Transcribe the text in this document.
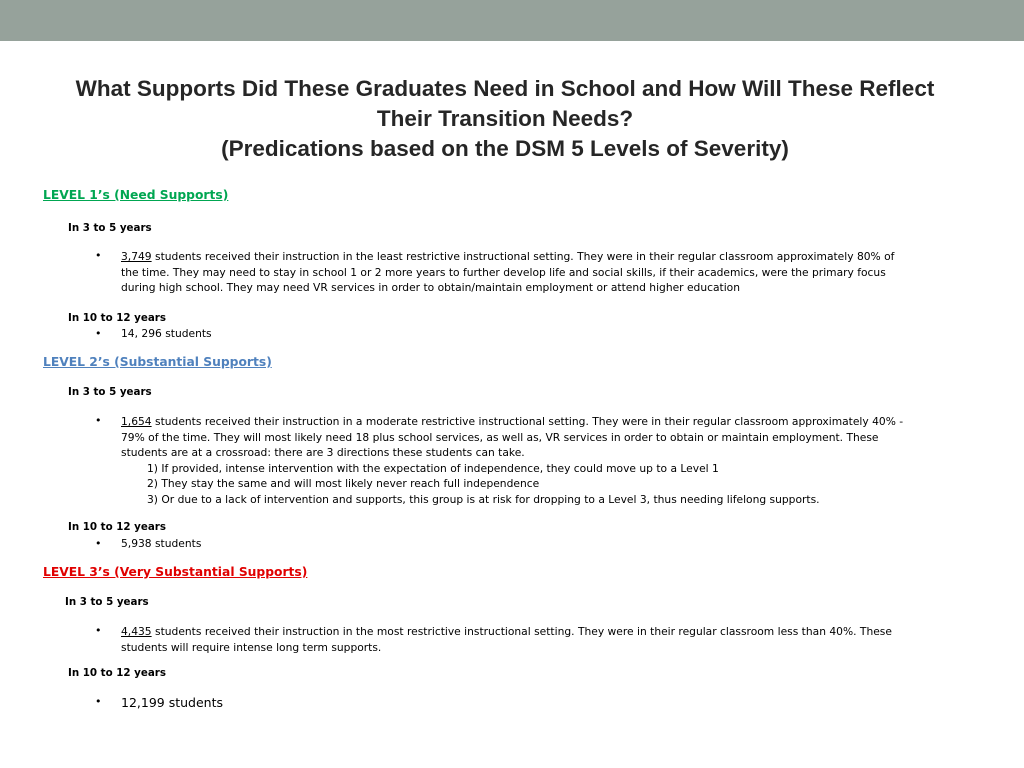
What Supports Did These Graduates Need in School and How Will These Reflect
Their Transition Needs?
(Predications based on the DSM 5 Levels of Severity)
LEVEL 1’s (Need Supports)
In 3 to 5 years
• 3,749 students received their instruction in the least restrictive instructional setting. They were in their regular classroom approximately 80% of
the time. They may need to stay in school 1 or 2 more years to further develop life and social skills, if their academics, were the primary focus
during high school. They may need VR services in order to obtain/maintain employment or attend higher education
In 10 to 12 years
• 14, 296 students
LEVEL 2’s (Substantial Supports)
In 3 to 5 years
• 1,654 students received their instruction in a moderate restrictive instructional setting. They were in their regular classroom approximately 40% -
79% of the time. They will most likely need 18 plus school services, as well as, VR services in order to obtain or maintain employment. These
students are at a crossroad: there are 3 directions these students can take.
1) If provided, intense intervention with the expectation of independence, they could move up to a Level 1
2) They stay the same and will most likely never reach full independence
3) Or due to a lack of intervention and supports, this group is at risk for dropping to a Level 3, thus needing lifelong supports.
In 10 to 12 years
• 5,938 students
LEVEL 3’s (Very Substantial Supports)
In 3 to 5 years
• 4,435 students received their instruction in the most restrictive instructional setting. They were in their regular classroom less than 40%. These
students will require intense long term supports.
In 10 to 12 years
• 12,199 students
